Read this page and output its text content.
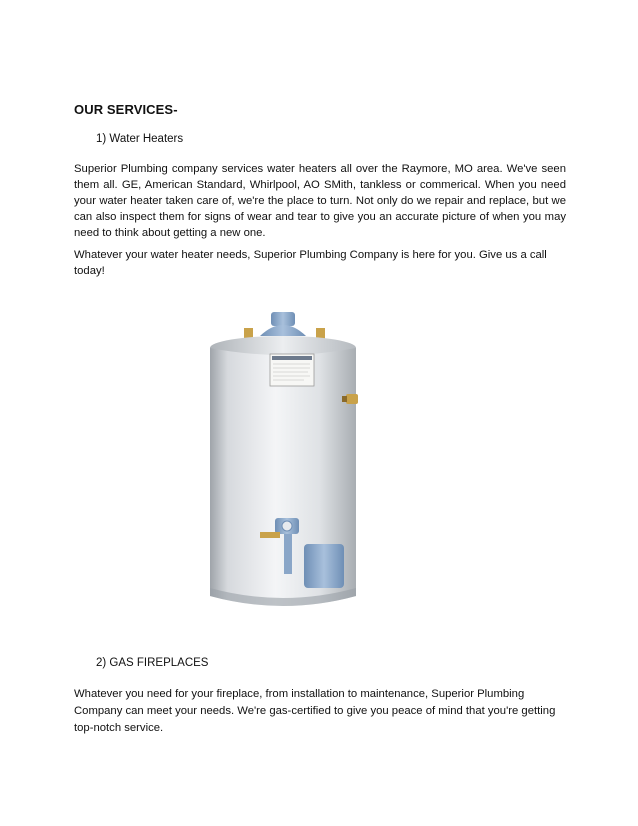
OUR SERVICES-
1) Water Heaters
Superior Plumbing company services water heaters all over the Raymore, MO area. We've seen them all. GE, American Standard, Whirlpool, AO SMith, tankless or commerical. When you need your water heater taken care of, we're the place to turn. Not only do we repair and replace, but we can also inspect them for signs of wear and tear to give you an accurate picture of when you may need to think about getting a new one.
Whatever your water heater needs, Superior Plumbing Company is here for you. Give us a call today!
2) GAS FIREPLACES
Whatever you need for your fireplace, from installation to maintenance, Superior Plumbing Company can meet your needs. We're gas-certified to give you peace of mind that you're getting top-notch service.
